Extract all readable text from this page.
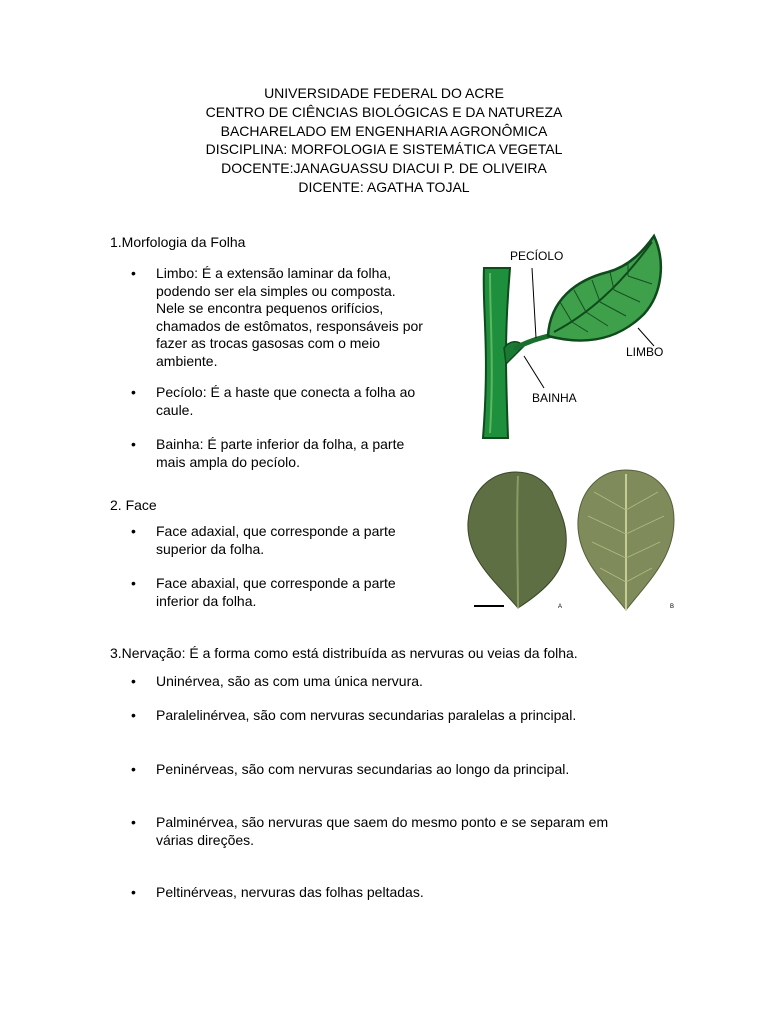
UNIVERSIDADE FEDERAL DO ACRE
CENTRO DE CIÊNCIAS BIOLÓGICAS E DA NATUREZA
BACHARELADO EM ENGENHARIA AGRONÔMICA
DISCIPLINA: MORFOLOGIA E SISTEMÁTICA VEGETAL
DOCENTE:JANAGUASSU DIACUI P. DE OLIVEIRA
DICENTE: AGATHA TOJAL
1.Morfologia da Folha
• Limbo: É a extensão laminar da folha,
podendo ser ela simples ou composta.
Nele se encontra pequenos orifícios,
chamados de estômatos, responsáveis por
fazer as trocas gasosas com o meio
ambiente.
• Pecíolo: É a haste que conecta a folha ao
caule.
• Bainha: É parte inferior da folha, a parte
mais ampla do pecíolo.
2. Face
• Face adaxial, que corresponde a parte
superior da folha.
• Face abaxial, que corresponde a parte
inferior da folha.
3.Nervação: É a forma como está distribuída as nervuras ou veias da folha.
• Uninérvea, são as com uma única nervura.
• Paralelinérvea, são com nervuras secundarias paralelas a principal.
• Peninérveas, são com nervuras secundarias ao longo da principal.
• Palminérvea, são nervuras que saem do mesmo ponto e se separam em
várias direções.
• Peltinérveas, nervuras das folhas peltadas.
PECÍOLO
LIMBO
BAINHA
A	B
